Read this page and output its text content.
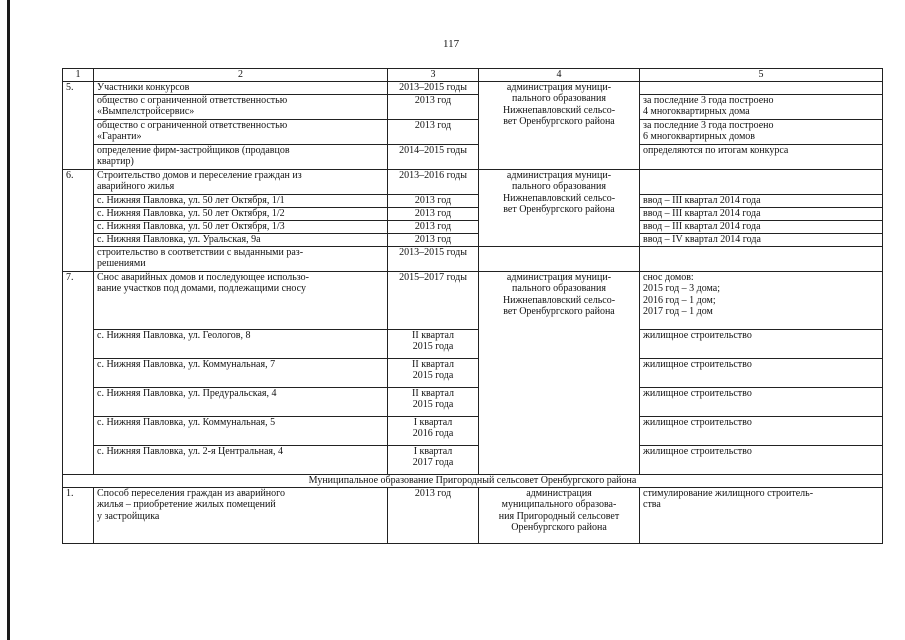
117
1	2	3	4	5
5.	Участники конкурсов	2013–2015 годы	администрация муници-
пального образования
Нижнепавловский сельсо-
вет Оренбургского района	
	общество с ограниченной ответственностью
«Вымпелстройсервис»	2013 год		за последние 3 года построено
4 многоквартирных дома
	общество с ограниченной ответственностью
«Гаранти»	2013 год		за последние 3 года построено
6 многоквартирных домов
	определение фирм-застройщиков (продавцов
квартир)	2014–2015 годы		определяются по итогам конкурса
6.	Строительство домов и переселение граждан из
аварийного жилья	2013–2016 годы	администрация муници-
пального образования
Нижнепавловский сельсо-
вет Оренбургского района	
	с. Нижняя Павловка, ул. 50 лет Октября, 1/1	2013 год		ввод – III квартал 2014 года
	с. Нижняя Павловка, ул. 50 лет Октября, 1/2	2013 год		ввод – III квартал 2014 года
	с. Нижняя Павловка, ул. 50 лет Октября, 1/3	2013 год		ввод – III квартал 2014 года
	с. Нижняя Павловка, ул. Уральская, 9а	2013 год		ввод – IV квартал 2014 года
	строительство в соответствии с выданными раз-
решениями	2013–2015 годы		
7.	Снос аварийных домов и последующее использо-
вание участков под домами, подлежащими сносу	2015–2017 годы	администрация муници-
пального образования
Нижнепавловский сельсо-
вет Оренбургского района	снос домов:
2015 год – 3 дома;
2016 год – 1 дом;
2017 год – 1 дом
	с. Нижняя Павловка, ул. Геологов, 8	II квартал
2015 года		жилищное строительство
	с. Нижняя Павловка, ул. Коммунальная, 7	II квартал
2015 года		жилищное строительство
	с. Нижняя Павловка, ул. Предуральская, 4	II квартал
2015 года		жилищное строительство
	с. Нижняя Павловка, ул. Коммунальная, 5	I квартал
2016 года		жилищное строительство
	с. Нижняя Павловка, ул. 2-я Центральная, 4	I квартал
2017 года		жилищное строительство
Муниципальное образование Пригородный сельсовет Оренбургского района				
1.	Способ переселения граждан из аварийного
жилья – приобретение жилых помещений
у застройщика	2013 год	администрация
муниципального образова-
ния Пригородный сельсовет
Оренбургского района	стимулирование жилищного строитель-
ства
